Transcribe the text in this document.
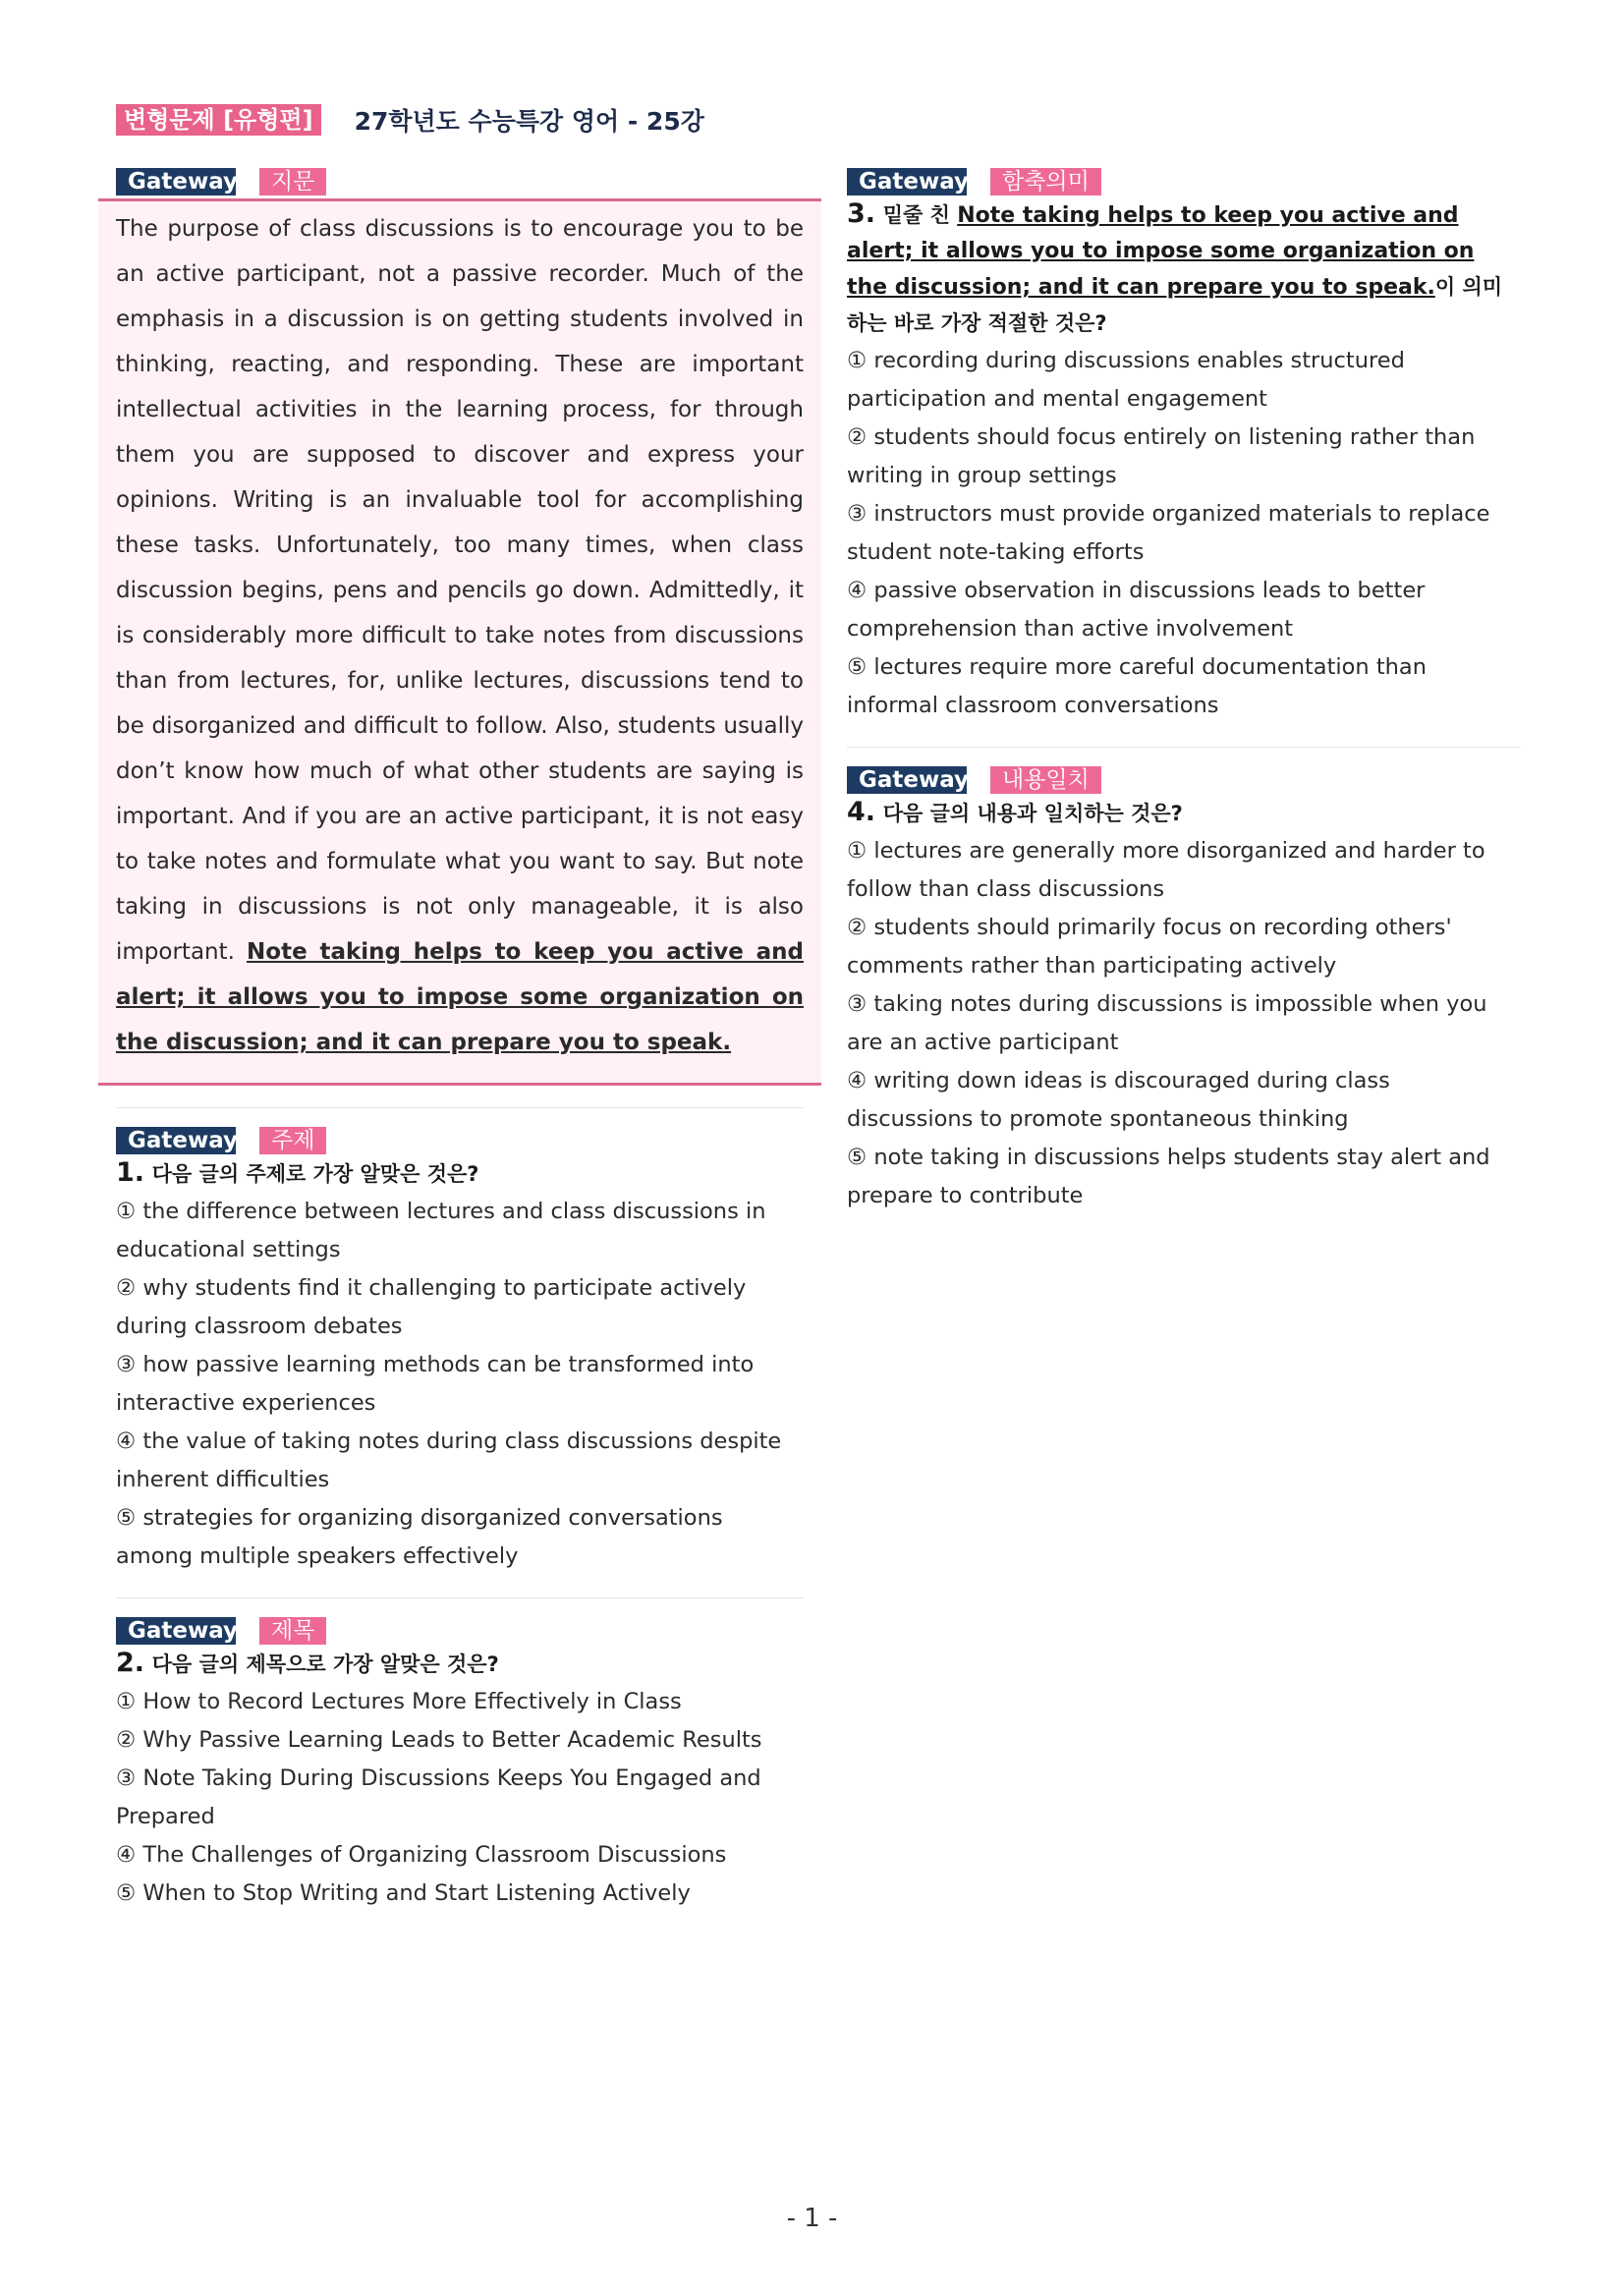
변형문제 [유형편]	27학년도 수능특강 영어 - 25강
Gateway	지문
The purpose of class discussions is to encourage you to be an active participant, not a passive recorder. Much of the emphasis in a discussion is on getting students involved in thinking, reacting, and responding. These are important intellectual activities in the learning process, for through them you are supposed to discover and express your opinions. Writing is an invaluable tool for accomplishing these tasks. Unfortunately, too many times, when class discussion begins, pens and pencils go down. Admittedly, it is considerably more difficult to take notes from discussions than from lectures, for, unlike lectures, discussions tend to be disorganized and difficult to follow. Also, students usually don’t know how much of what other students are saying is important. And if you are an active participant, it is not easy to take notes and formulate what you want to say. But note taking in discussions is not only manageable, it is also important. Note taking helps to keep you active and alert; it allows you to impose some organization on the discussion; and it can prepare you to speak.
Gateway	주제
1. 다음 글의 주제로 가장 알맞은 것은?
① the difference between lectures and class discussions in educational settings
② why students find it challenging to participate actively during classroom debates
③ how passive learning methods can be transformed into interactive experiences
④ the value of taking notes during class discussions despite inherent difficulties
⑤ strategies for organizing disorganized conversations among multiple speakers effectively
Gateway	제목
2. 다음 글의 제목으로 가장 알맞은 것은?
① How to Record Lectures More Effectively in Class
② Why Passive Learning Leads to Better Academic Results
③ Note Taking During Discussions Keeps You Engaged and Prepared
④ The Challenges of Organizing Classroom Discussions
⑤ When to Stop Writing and Start Listening Actively
Gateway	함축의미
3. 밑줄 친 Note taking helps to keep you active and alert; it allows you to impose some organization on the discussion; and it can prepare you to speak.이 의미하는 바로 가장 적절한 것은?
① recording during discussions enables structured participation and mental engagement
② students should focus entirely on listening rather than writing in group settings
③ instructors must provide organized materials to replace student note-taking efforts
④ passive observation in discussions leads to better comprehension than active involvement
⑤ lectures require more careful documentation than informal classroom conversations
Gateway	내용일치
4. 다음 글의 내용과 일치하는 것은?
① lectures are generally more disorganized and harder to follow than class discussions
② students should primarily focus on recording others' comments rather than participating actively
③ taking notes during discussions is impossible when you are an active participant
④ writing down ideas is discouraged during class discussions to promote spontaneous thinking
⑤ note taking in discussions helps students stay alert and prepare to contribute
- 1 -
